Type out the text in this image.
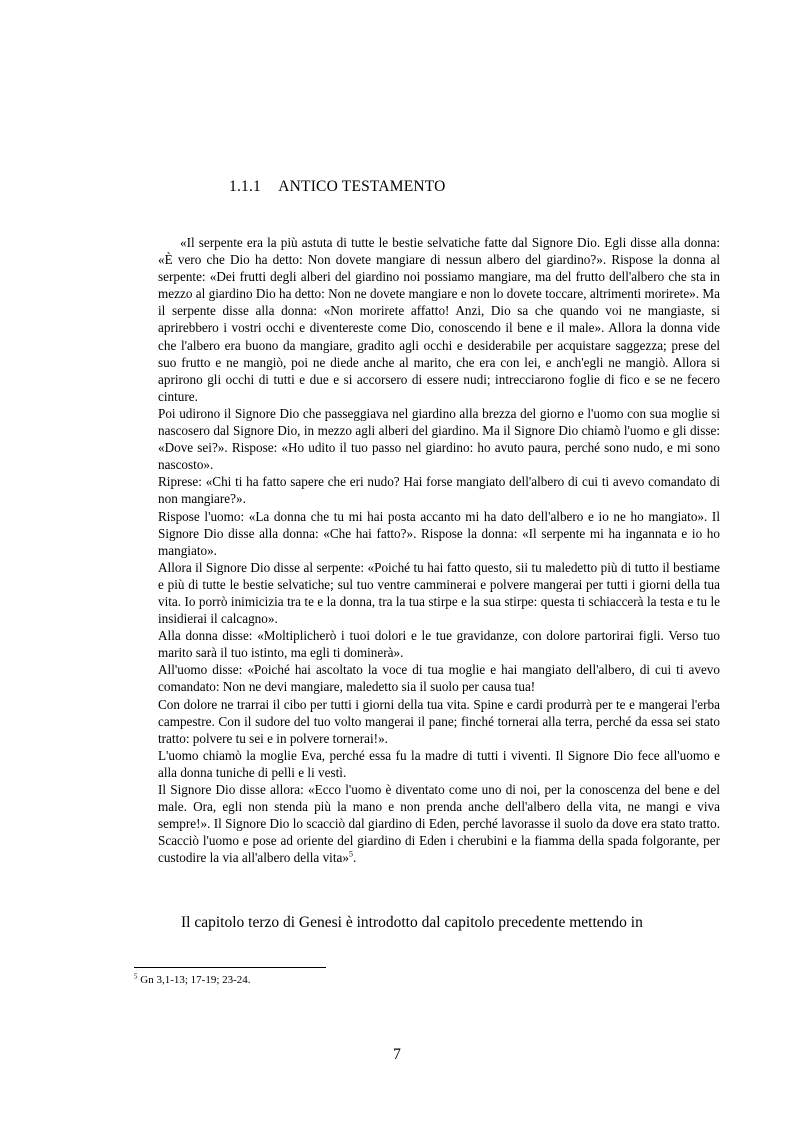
1.1.1 ANTICO TESTAMENTO

«Il serpente era la più astuta di tutte le bestie selvatiche fatte dal Signore Dio. Egli disse alla donna: «È vero che Dio ha detto: Non dovete mangiare di nessun albero del giardino?». Rispose la donna al serpente: «Dei frutti degli alberi del giardino noi possiamo mangiare, ma del frutto dell'albero che sta in mezzo al giardino Dio ha detto: Non ne dovete mangiare e non lo dovete toccare, altrimenti morirete». Ma il serpente disse alla donna: «Non morirete affatto! Anzi, Dio sa che quando voi ne mangiaste, si aprirebbero i vostri occhi e diventereste come Dio, conoscendo il bene e il male». Allora la donna vide che l'albero era buono da mangiare, gradito agli occhi e desiderabile per acquistare saggezza; prese del suo frutto e ne mangiò, poi ne diede anche al marito, che era con lei, e anch'egli ne mangiò. Allora si aprirono gli occhi di tutti e due e si accorsero di essere nudi; intrecciarono foglie di fico e se ne fecero cinture.

Poi udirono il Signore Dio che passeggiava nel giardino alla brezza del giorno e l'uomo con sua moglie si nascosero dal Signore Dio, in mezzo agli alberi del giardino. Ma il Signore Dio chiamò l'uomo e gli disse: «Dove sei?». Rispose: «Ho udito il tuo passo nel giardino: ho avuto paura, perché sono nudo, e mi sono nascosto».

Riprese: «Chi ti ha fatto sapere che eri nudo? Hai forse mangiato dell'albero di cui ti avevo comandato di non mangiare?».

Rispose l'uomo: «La donna che tu mi hai posta accanto mi ha dato dell'albero e io ne ho mangiato». Il Signore Dio disse alla donna: «Che hai fatto?». Rispose la donna: «Il serpente mi ha ingannata e io ho mangiato».

Allora il Signore Dio disse al serpente: «Poiché tu hai fatto questo, sii tu maledetto più di tutto il bestiame e più di tutte le bestie selvatiche; sul tuo ventre camminerai e polvere mangerai per tutti i giorni della tua vita. Io porrò inimicizia tra te e la donna, tra la tua stirpe e la sua stirpe: questa ti schiaccerà la testa e tu le insidierai il calcagno».

Alla donna disse: «Moltiplicherò i tuoi dolori e le tue gravidanze, con dolore partorirai figli. Verso tuo marito sarà il tuo istinto, ma egli ti dominerà».

All'uomo disse: «Poiché hai ascoltato la voce di tua moglie e hai mangiato dell'albero, di cui ti avevo comandato: Non ne devi mangiare, maledetto sia il suolo per causa tua!

Con dolore ne trarrai il cibo per tutti i giorni della tua vita. Spine e cardi produrrà per te e mangerai l'erba campestre. Con il sudore del tuo volto mangerai il pane; finché tornerai alla terra, perché da essa sei stato tratto: polvere tu sei e in polvere tornerai!».

L'uomo chiamò la moglie Eva, perché essa fu la madre di tutti i viventi. Il Signore Dio fece all'uomo e alla donna tuniche di pelli e li vestì.

Il Signore Dio disse allora: «Ecco l'uomo è diventato come uno di noi, per la conoscenza del bene e del male. Ora, egli non stenda più la mano e non prenda anche dell'albero della vita, ne mangi e viva sempre!». Il Signore Dio lo scacciò dal giardino di Eden, perché lavorasse il suolo da dove era stato tratto. Scacciò l'uomo e pose ad oriente del giardino di Eden i cherubini e la fiamma della spada folgorante, per custodire la via all'albero della vita»$^5$.

Il capitolo terzo di Genesi è introdotto dal capitolo precedente mettendo in
$^5$ Gn 3,1-13; 17-19; 23-24.
7
